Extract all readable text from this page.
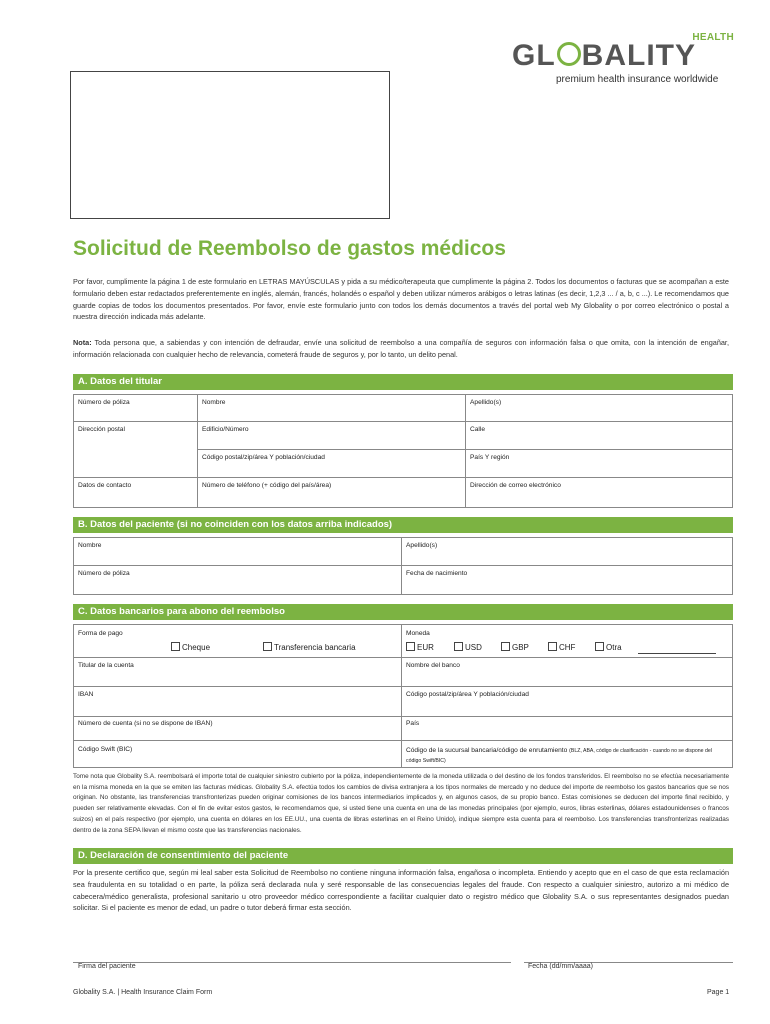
HEALTH
GL BALITY
premium health insurance worldwide
Solicitud de Reembolso de gastos médicos
Por favor, cumplimente la página 1 de este formulario en LETRAS MAYÚSCULAS y pida a su médico/terapeuta que cumplimente la página 2. Todos los documentos o facturas que se acompañan a este formulario deben estar redactados preferentemente en inglés, alemán, francés, holandés o español y deben utilizar números arábigos o letras latinas (es decir, 1,2,3 ... / a, b, c ...). Le recomendamos que guarde copias de todos los documentos presentados. Por favor, envíe este formulario junto con todos los demás documentos a través del portal web My Globality o por correo electrónico o postal a nuestra dirección indicada más adelante.
Nota: Toda persona que, a sabiendas y con intención de defraudar, envíe una solicitud de reembolso a una compañía de seguros con información falsa o que omita, con la intención de engañar, información relacionada con cualquier hecho de relevancia, cometerá fraude de seguros y, por lo tanto, un delito penal.
A. Datos del titular
Número de póliza	Nombre	Apellido(s)
Dirección postal	Edificio/Número	Calle
Código postal/zip/área Y población/ciudad	País Y región
Datos de contacto	Número de teléfono (+ código del país/área)	Dirección de correo electrónico
B. Datos del paciente (si no coinciden con los datos arriba indicados)
Nombre	Apellido(s)
Número de póliza	Fecha de nacimiento
C. Datos bancarios para abono del reembolso
Forma de pago
Cheque	Transferencia bancaria
Moneda
EUR	USD	GBP	CHF	Otra
Titular de la cuenta	Nombre del banco
IBAN	Código postal/zip/área Y población/ciudad
Número de cuenta (si no se dispone de IBAN)	País
Código Swift (BIC)	Código de la sucursal bancaria/código de enrutamiento (BLZ, ABA, código de clasificación - cuando no se dispone del código Swift/BIC)
Tome nota que Globality S.A. reembolsará el importe total de cualquier siniestro cubierto por la póliza, independientemente de la moneda utilizada o del destino de los fondos transferidos. El reembolso no se efectúa necesariamente en la misma moneda en la que se emiten las facturas médicas. Globality S.A. efectúa todos los cambios de divisa extranjera a los tipos normales de mercado y no deduce del importe de reembolso los gastos bancarios que se nos originan. No obstante, las transferencias transfronterizas pueden originar comisiones de los bancos intermediarios implicados y, en algunos casos, de su propio banco. Estas comisiones se deducen del importe final recibido, y pueden ser relativamente elevadas. Con el fin de evitar estos gastos, le recomendamos que, si usted tiene una cuenta en una de las monedas principales (por ejemplo, euros, libras esterlinas, dólares estadounidenses o francos suizos) en el país respectivo (por ejemplo, una cuenta en dólares en los EE.UU., una cuenta de libras esterlinas en el Reino Unido), indique siempre esta cuenta para el reembolso. Los transferencias transfronterizas realizadas dentro de la zona SEPA llevan el mismo coste que las transferencias nacionales.
D. Declaración de consentimiento del paciente
Por la presente certifico que, según mi leal saber esta Solicitud de Reembolso no contiene ninguna información falsa, engañosa o incompleta. Entiendo y acepto que en el caso de que esta reclamación sea fraudulenta en su totalidad o en parte, la póliza será declarada nula y seré responsable de las consecuencias legales del fraude. Con respecto a cualquier siniestro, autorizo a mi médico de cabecera/médico generalista, profesional sanitario u otro proveedor médico correspondiente a facilitar cualquier dato o registro médico que Globality S.A. o sus representantes designados puedan solicitar. Si el paciente es menor de edad, un padre o tutor deberá firmar esta sección.
Firma del paciente	Fecha (dd/mm/aaaa)
Globality S.A. | Health Insurance Claim Form	Page 1
